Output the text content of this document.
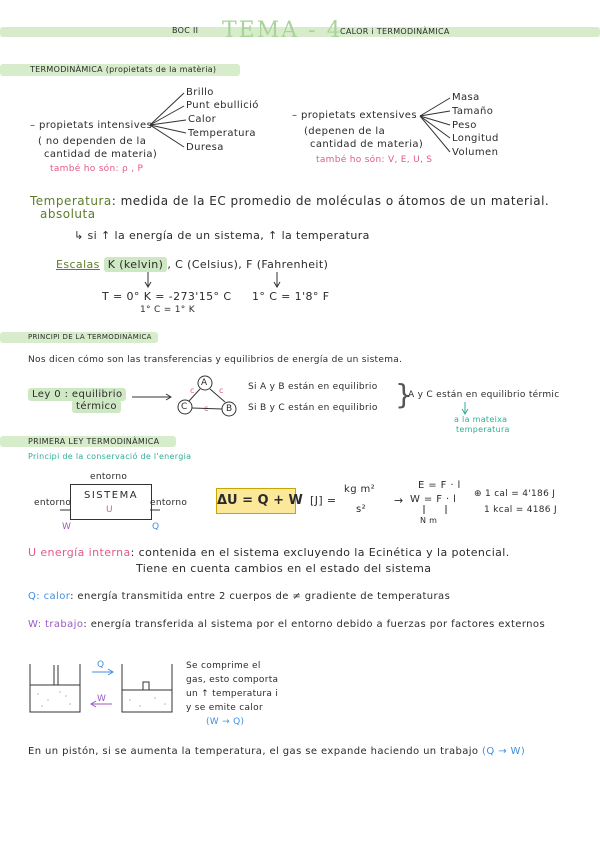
BOC II TEMA - 4
CALOR i TERMODINÀMICA
TERMODINÀMICA (propietats de la matèria)
– propietats intensives
( no dependen de la
cantidad de materia)
també ho són: ρ , P
Brillo
Punt ebullició
Calor
Temperatura
Duresa
– propietats extensives
(depenen de la
cantidad de materia)
també ho són: V, E, U, S
Masa
Tamaño
Peso
Longitud
Volumen
Temperatura: medida de la EC promedio de moléculas o átomos de un material.
absoluta
↳ si ↑ la energía de un sistema, ↑ la temperatura
Escalas K (kelvin) , C (Celsius), F (Fahrenheit)
T = 0° K = -273'15° C
1° C = 1° K
1° C = 1'8° F
PRINCIPI DE LA TERMODINÀMICA
Nos dicen cómo son las transferencias y equilibrios de energía de un sistema.
Ley 0 : equilibrio
térmico
A
C	B
c	c
c
Si A y B están en equilibrio
Si B y C están en equilibrio }
A y C están en equilibrio térmic
a la mateixa
temperatura
PRIMERA LEY TERMODINÀMICA
Principi de la conservació de l'energia
entorno
SISTEMA
U
entorno	entorno
W	Q
ΔU = Q + W [J] =
kg m²
s²
→
E = F · l
W = F · l
N m
⊕ 1 cal = 4'186 J
1 kcal = 4186 J
U energía interna: contenida en el sistema excluyendo la Ecinética y la potencial.
Tiene en cuenta cambios en el estado del sistema
Q: calor: energía transmitida entre 2 cuerpos de ≠ gradiente de temperaturas
W: trabajo: energía transferida al sistema por el entorno debido a fuerzas por factores externos
Q
W
Se comprime el
gas, esto comporta
un ↑ temperatura i
y se emite calor
(W → Q)
En un pistón, si se aumenta la temperatura, el gas se expande haciendo un trabajo (Q → W)
